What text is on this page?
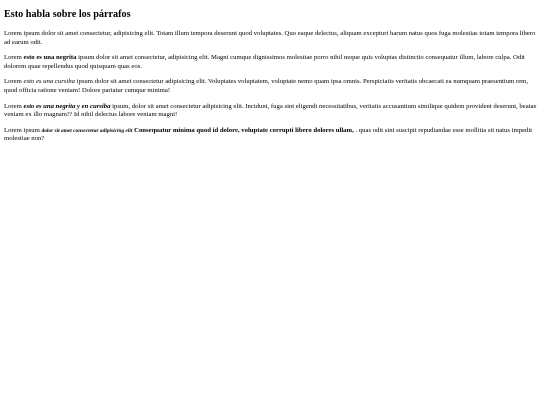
Esto habla sobre los párrafos

Lorem ipsum dolor sit amet consectetur, adipisicing elit. Totam illum tempora deserunt quod voluptates. Quo eaque delectus, aliquam excepturi harum natus quos fuga molestias totam tempora libero ad earum odit.

Lorem esto es una negrita ipsum dolor sit amet consectetur, adipisicing elit. Magni cumque dignissimos molestiae porro nihil neque quis voluptas distinctio consequatur illum, labore culpa. Odit dolorem quae repellendus quod quisquam quas eos.

Lorem esto es una cursiba ipsum dolor sit amet consectetur adipisicing elit. Voluptates voluptatem, voluptate nemo quam ipsa omnis. Perspiciatis veritatis obcaecati ea numquam praesentium rem, quod officia ratione veniam! Dolore pariatur cumque minima!

Lorem esto es una negrita y en cursiba ipsum, dolor sit amet consectetur adipisicing elit. Incidunt, fuga sint eligendi necessitatibus, veritatis accusantium similique quidem provident deserunt, beatae veniam ex illo magnam!? Id nihil delectus labore veniam magni!

Lorem ipsum dolor sit amet consectetur adipisicing elit Consequatur minima quod id dolore, voluptate corrupti libero dolores ullam, . quas odit sint suscipit repudiandae esse mollitia sit natus impedit molestiae non?
